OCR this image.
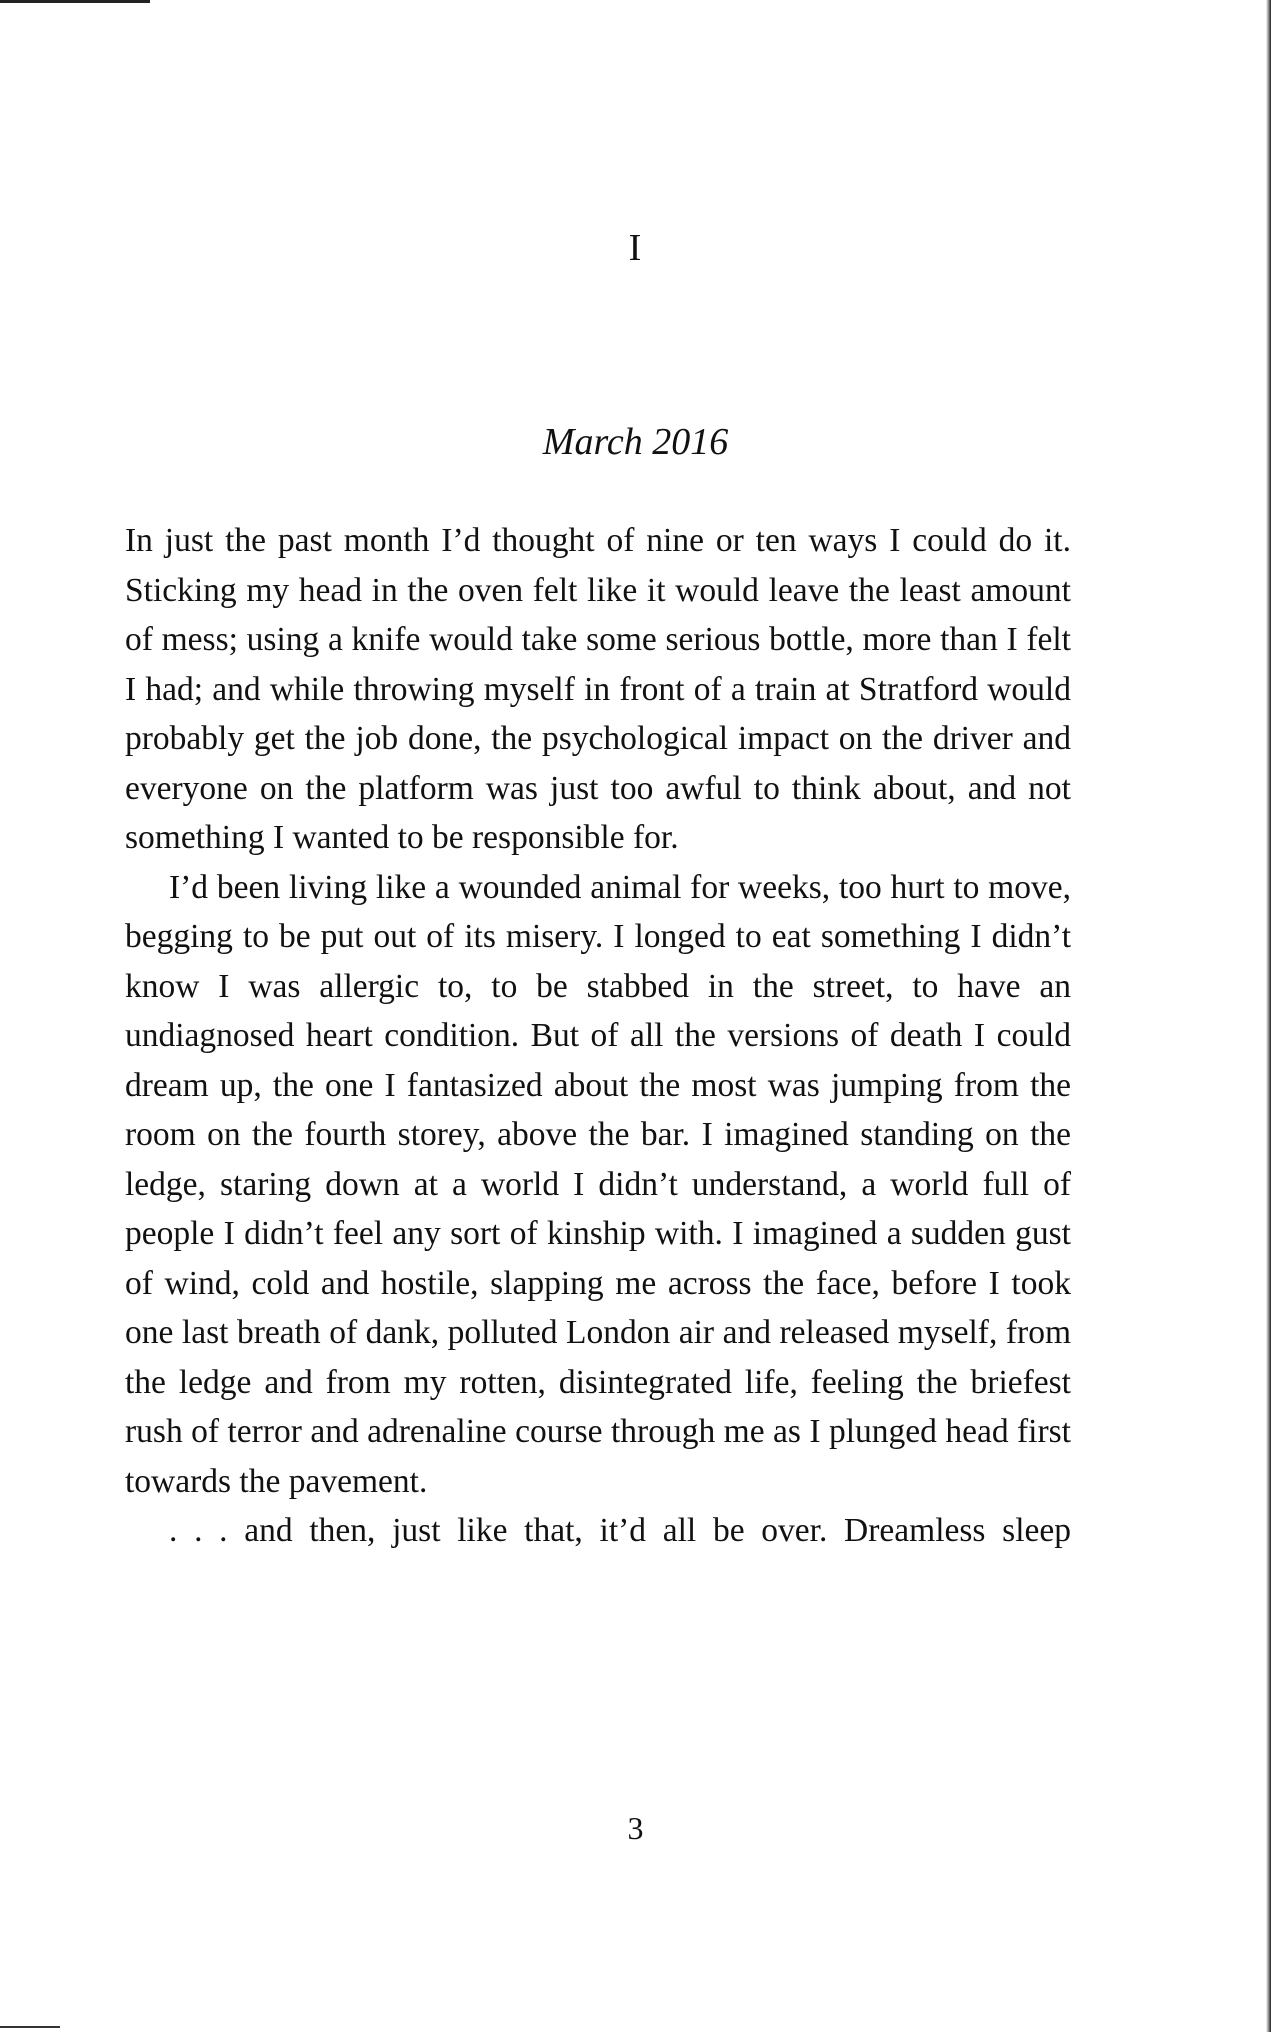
I
March 2016

In just the past month I’d thought of nine or ten ways I could do it. Sticking my head in the oven felt like it would leave the least amount of mess; using a knife would take some serious bottle, more than I felt I had; and while throwing myself in front of a train at Stratford would probably get the job done, the psychological impact on the driver and everyone on the platform was just too awful to think about, and not something I wanted to be responsible for.

I’d been living like a wounded animal for weeks, too hurt to move, begging to be put out of its misery. I longed to eat something I didn’t know I was allergic to, to be stabbed in the street, to have an undiagnosed heart condition. But of all the versions of death I could dream up, the one I fantasized about the most was jumping from the room on the fourth storey, above the bar. I imagined standing on the ledge, staring down at a world I didn’t understand, a world full of people I didn’t feel any sort of kinship with. I imagined a sudden gust of wind, cold and hostile, slapping me across the face, before I took one last breath of dank, polluted London air and released myself, from the ledge and from my rotten, disintegrated life, feeling the briefest rush of terror and adrenaline course through me as I plunged head first towards the pavement.

. . . and then, just like that, it’d all be over. Dreamless sleep

3
